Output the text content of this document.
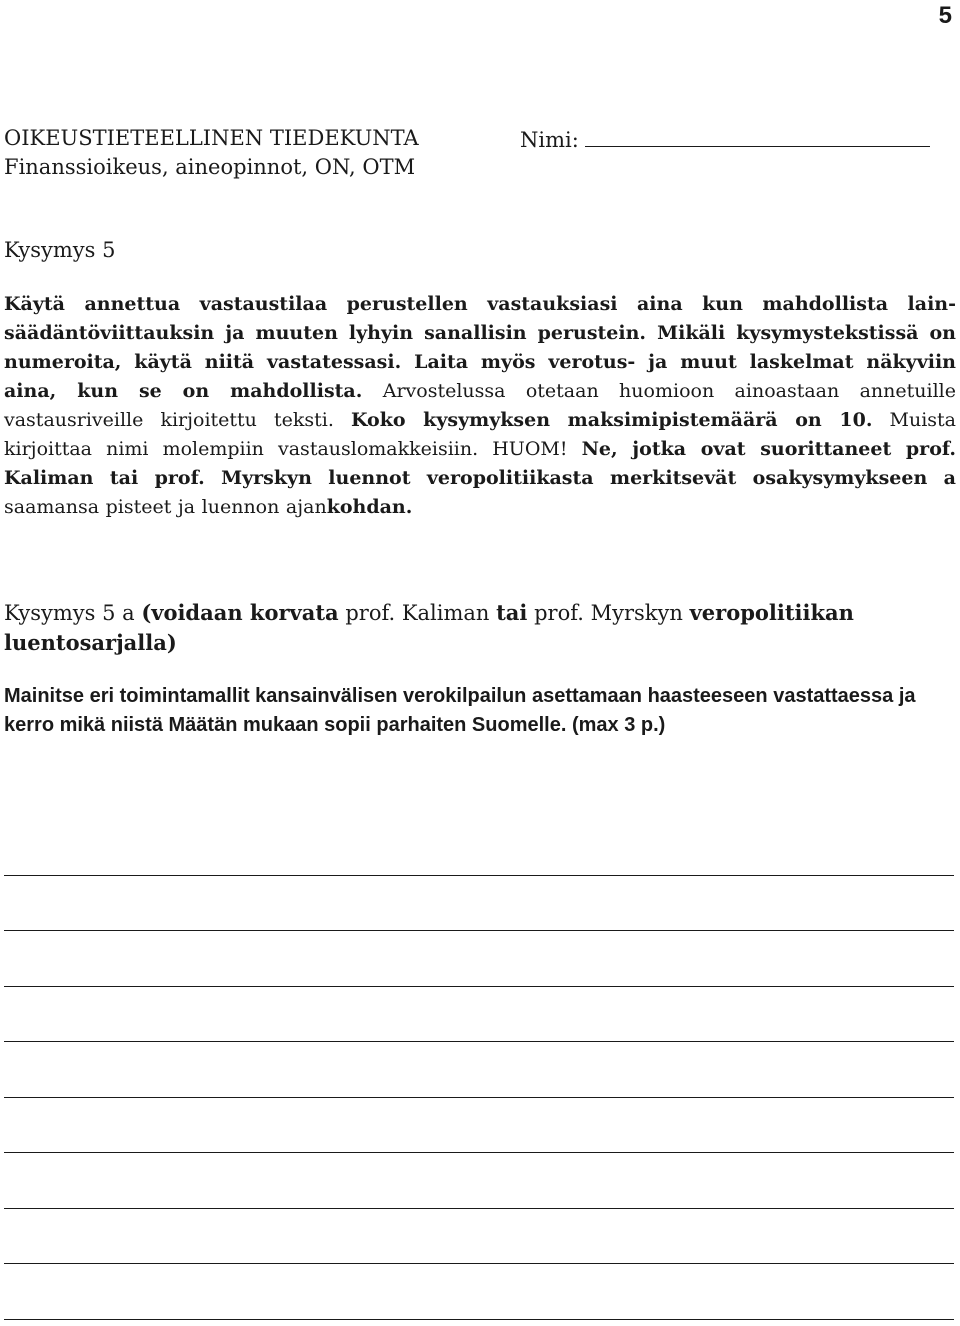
5
OIKEUSTIETEELLINEN TIEDEKUNTA
Finanssioikeus, aineopinnot, ON, OTM
Nimi:
Kysymys 5
Käytä annettua vastaustilaa perustellen vastauksiasi aina kun mahdollista lainsäädäntöviittauksin ja muuten lyhyin sanallisin perustein. Mikäli kysymystekstissä on numeroita, käytä niitä vastatessasi. Laita myös verotus- ja muut laskelmat näkyviin aina, kun se on mahdollista. Arvostelussa otetaan huomioon ainoastaan annetuille vastausriveille kirjoitettu teksti. Koko kysymyksen maksimipistemäärä on 10. Muista kirjoittaa nimi molempiin vastauslomakkeisiin. HUOM! Ne, jotka ovat suorittaneet prof. Kaliman tai prof. Myrskyn luennot veropolitiikasta merkitsevät osakysymykseen a saamansa pisteet ja luennon ajankohdan.
Kysymys 5 a (voidaan korvata prof. Kaliman tai prof. Myrskyn veropolitiikan luentosarjalla)
Mainitse eri toimintamallit kansainvälisen verokilpailun asettamaan haasteeseen vastattaessa ja kerro mikä niistä Määtän mukaan sopii parhaiten Suomelle. (max 3 p.)
